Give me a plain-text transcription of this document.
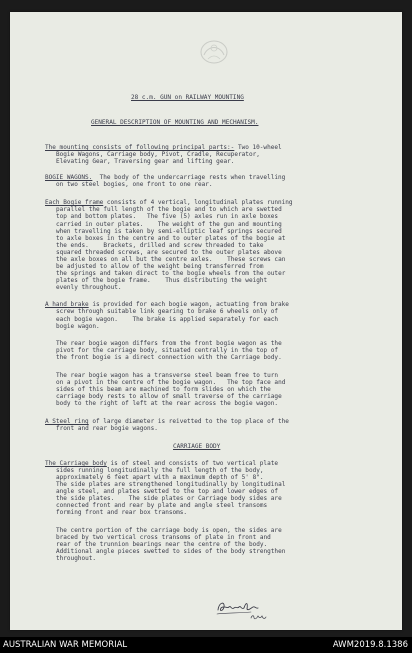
28 c.m. GUN on RAILWAY MOUNTING
GENERAL DESCRIPTION OF MOUNTING AND MECHANISM.
The mounting consists of following principal parts:- Two 10-wheel
Bogie Wagons, Carriage body, Pivot, Cradle, Recuperator,
Elevating Gear, Traversing gear and lifting gear.
BOGIE WAGONS.  The body of the undercarriage rests when travelling
on two steel bogies, one front to one rear.
Each Bogie frame consists of 4 vertical, longitudinal plates running
parallel the full length of the bogie and to which are swetted
top and bottom plates.   The five (5) axles run in axle boxes
carried in outer plates.    The weight of the gun and mounting
when travelling is taken by semi-elliptic leaf springs secured
to axle boxes in the centre and to outer plates of the bogie at
the ends.    Brackets, drilled and screw threaded to take
squared threaded screws, are secured to the outer plates above
the axle boxes on all but the centre axles.    These screws can
be adjusted to allow of the weight being transferred from
the springs and taken direct to the bogie wheels from the outer
plates of the bogie frame.    Thus distributing the weight
evenly throughout.
A hand brake is provided for each bogie wagon, actuating from brake
screw through suitable link gearing to brake 6 wheels only of
each bogie wagon.    The brake is applied separately for each
bogie wagon.
The rear bogie wagon differs from the front bogie wagon as the
pivot for the carriage body, situated centrally in the top of
the front bogie is a direct connection with the Carriage body.
The rear bogie wagon has a transverse steel beam free to turn
on a pivot in the centre of the bogie wagon.   The top face and
sides of this beam are machined to form slides on which the
carriage body rests to allow of small traverse of the carriage
body to the right of left at the rear across the bogie wagon.
A Steel ring of large diameter is reivetted to the top place of the
front and rear bogie wagons.
CARRIAGE BODY
The Carriage body is of steel and consists of two vertical plate
sides running longitudinally the full length of the body,
approximately 6 feet apart with a maximum depth of 5' 8".
The side plates are strengthened longitudinally by longitudinal
angle steel, and plates swetted to the top and lower edges of
the side plates.    The side plates or Carriage body sides are
connected front and rear by plate and angle steel transoms
forming front and rear box transoms.
The centre portion of the carriage body is open, the sides are
braced by two vertical cross transoms of plate in front and
rear of the trunnion bearings near the centre of the body.
Additional angle pieces swetted to sides of the body strengthen
throughout.
AUSTRALIAN WAR MEMORIAL	AWM2019.8.1386
